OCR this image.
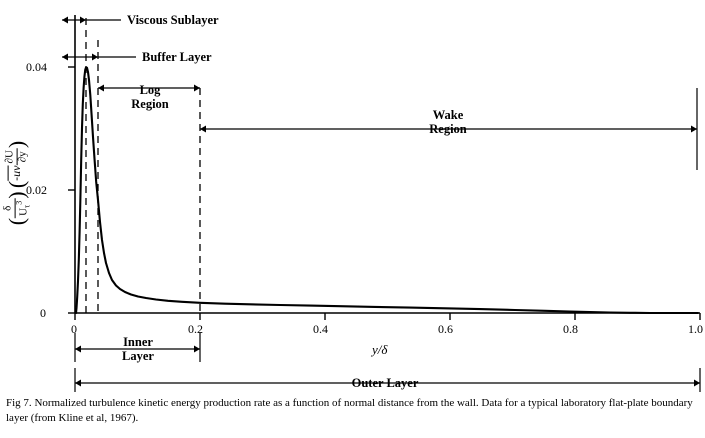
0
0.02
0.04
0	0.2	0.4	0.6	0.8	1.0
y/δ
(
δ $U_\tau^3$
) (-uv
∂U ∂y
)
Viscous Sublayer
Buffer Layer
Log
Region
Wake
Region
Inner
Layer
Outer Layer
Fig 7. Normalized turbulence kinetic energy production rate as a function of normal distance from the wall. Data for a typical laboratory flat-plate boundary layer (from Kline et al, 1967).
